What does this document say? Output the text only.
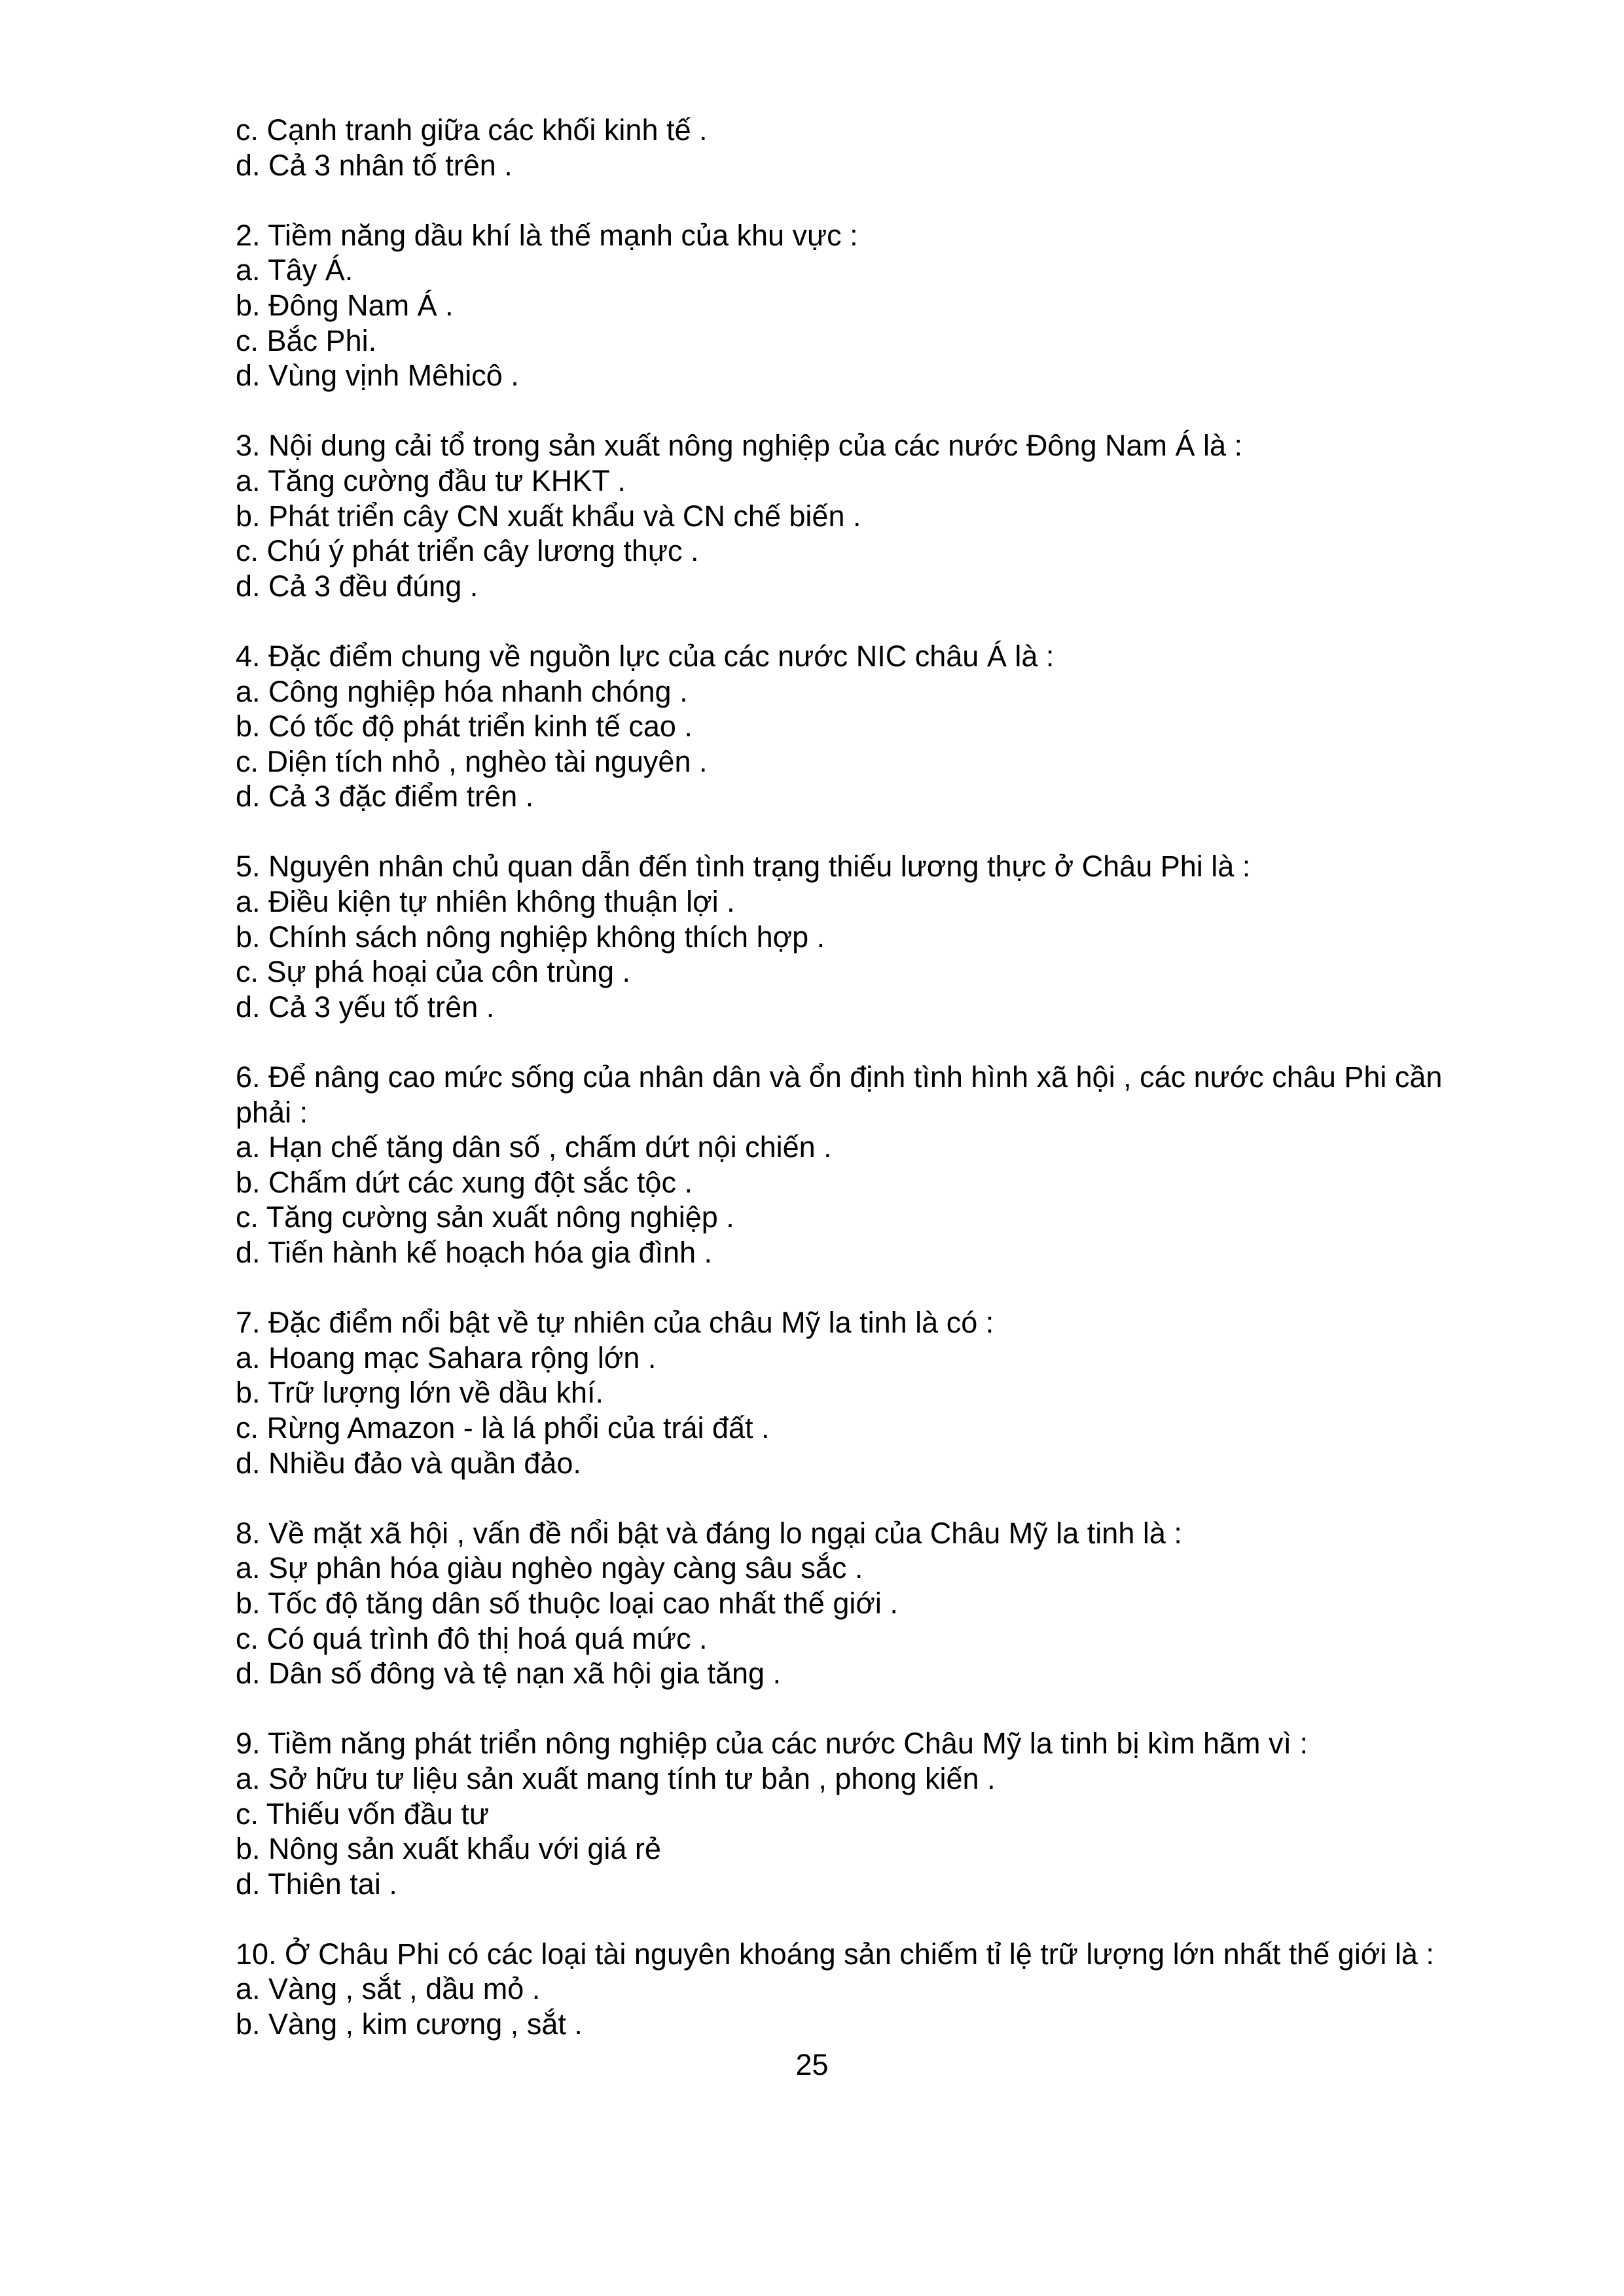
c. Cạnh tranh giữa các khối kinh tế .
d. Cả 3 nhân tố trên .
2. Tiềm năng dầu khí là thế mạnh của khu vực :
a. Tây Á.
b. Đông Nam Á .
c. Bắc Phi.
d. Vùng vịnh Mêhicô .
3. Nội dung cải tổ trong sản xuất nông nghiệp của các nước Đông Nam Á là :
a. Tăng cường đầu tư KHKT .
b. Phát triển cây CN xuất khẩu và CN chế biến .
c. Chú ý phát triển cây lương thực .
d. Cả 3 đều đúng .
4. Đặc điểm chung về nguồn lực của các nước NIC châu Á là :
a. Công nghiệp hóa nhanh chóng .
b. Có tốc độ phát triển kinh tế cao .
c. Diện tích nhỏ , nghèo tài nguyên .
d. Cả 3 đặc điểm trên .
5. Nguyên nhân chủ quan dẫn đến tình trạng thiếu lương thực ở Châu Phi là :
a. Điều kiện tự nhiên không thuận lợi .
b. Chính sách nông nghiệp không thích hợp .
c. Sự phá hoại của côn trùng .
d. Cả 3 yếu tố trên .
6. Để nâng cao mức sống của nhân dân và ổn định tình hình xã hội , các nước châu Phi cần phải :
a. Hạn chế tăng dân số , chấm dứt nội chiến .
b. Chấm dứt các xung đột sắc tộc .
c. Tăng cường sản xuất nông nghiệp .
d. Tiến hành kế hoạch hóa gia đình .
7. Đặc điểm nổi bật về tự nhiên của châu Mỹ la tinh là có :
a. Hoang mạc Sahara rộng lớn .
b. Trữ lượng lớn về dầu khí.
c. Rừng Amazon - là lá phổi của trái đất .
d. Nhiều đảo và quần đảo.
8. Về mặt xã hội , vấn đề nổi bật và đáng lo ngại của Châu Mỹ la tinh là :
a. Sự phân hóa giàu nghèo ngày càng sâu sắc .
b. Tốc độ tăng dân số thuộc loại cao nhất thế giới .
c. Có quá trình đô thị hoá quá mức .
d. Dân số đông và tệ nạn xã hội gia tăng .
9. Tiềm năng phát triển nông nghiệp của các nước Châu Mỹ la tinh bị kìm hãm vì :
a. Sở hữu tư liệu sản xuất mang tính tư bản , phong kiến .
c. Thiếu vốn đầu tư
b. Nông sản xuất khẩu với giá rẻ
d. Thiên tai .
10. Ở Châu Phi có các loại tài nguyên khoáng sản chiếm tỉ lệ trữ lượng lớn nhất thế giới là :
a. Vàng , sắt , dầu mỏ .
b. Vàng , kim cương , sắt .
25
